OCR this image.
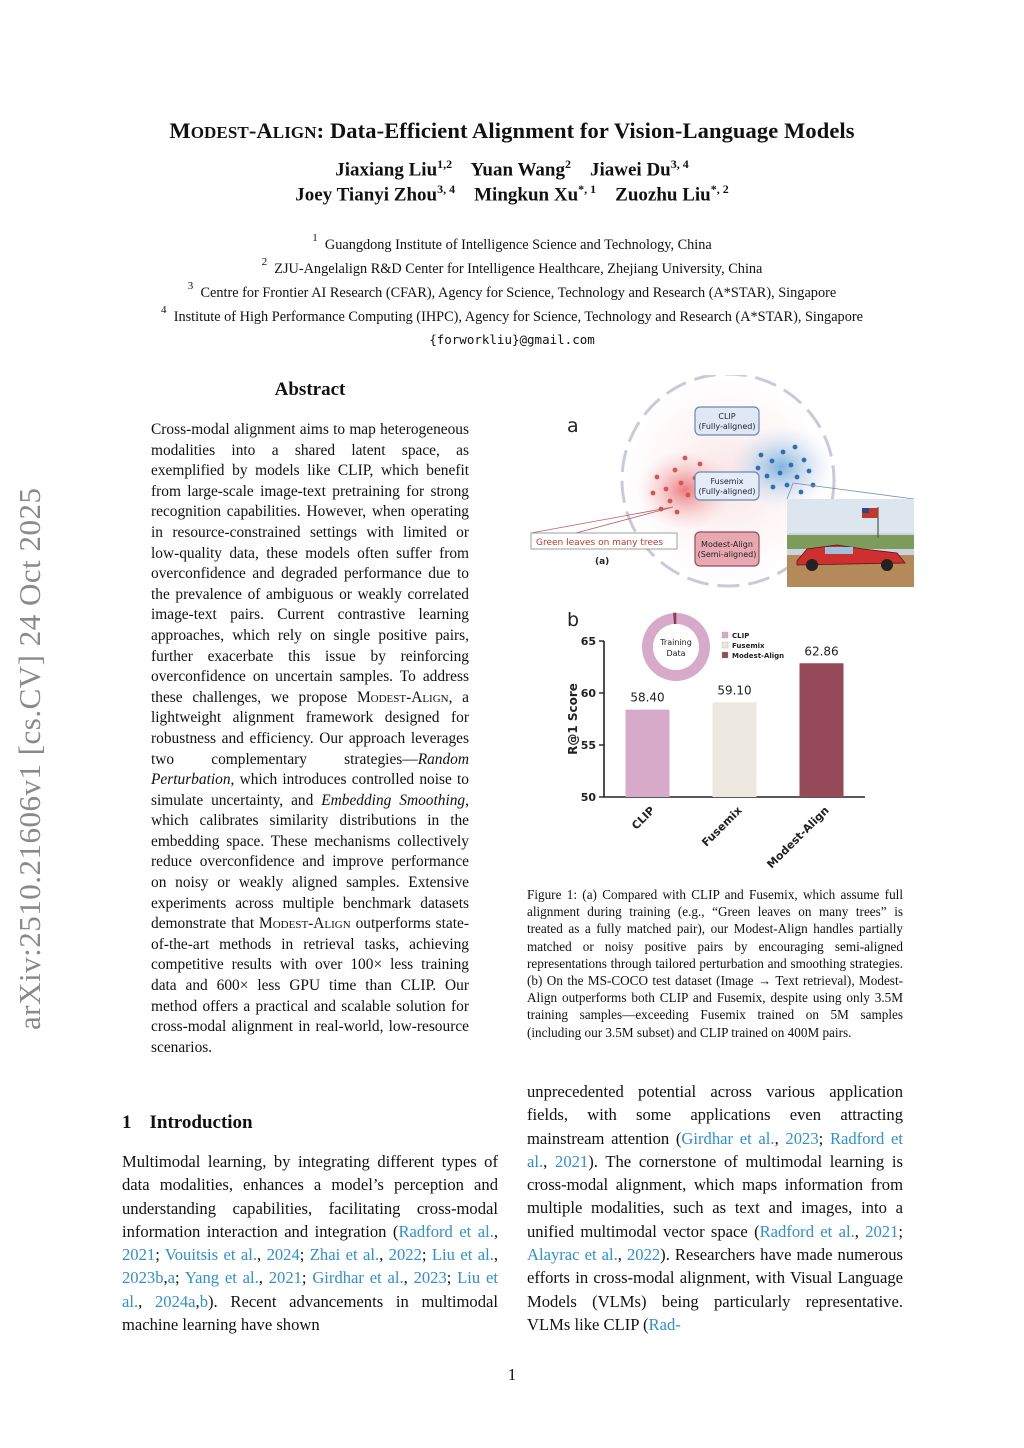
arXiv:2510.21606v1 [cs.CV] 24 Oct 2025
MODEST-ALIGN: Data-Efficient Alignment for Vision-Language Models
Jiaxiang Liu$^{1,2}$ Yuan Wang$^2$ Jiawei Du$^{3, 4}$
Joey Tianyi Zhou$^{3, 4}$ Mingkun $Xu^{*, 1}$ Zuozhu Liu$^{*, 2}$
$^1$ Guangdong Institute of Intelligence Science and Technology, China
$^2$ ZJU-Angelalign R&D Center for Intelligence Healthcare, Zhejiang University, China
$^3$ Centre for Frontier AI Research (CFAR), Agency for Science, Technology and Research (A*STAR), Singapore
$^4$ Institute of High Performance Computing (IHPC), Agency for Science, Technology and Research (A*STAR), Singapore
{forworkliu}@gmail.com
Abstract

Cross-modal alignment aims to map heterogeneous modalities into a shared latent space, as exemplified by models like CLIP, which benefit from large-scale image-text pretraining for strong recognition capabilities. However, when operating in resource-constrained settings with limited or low-quality data, these models often suffer from overconfidence and degraded performance due to the prevalence of ambiguous or weakly correlated image-text pairs. Current contrastive learning approaches, which rely on single positive pairs, further exacerbate this issue by reinforcing overconfidence on uncertain samples. To address these challenges, we propose Modest-Align, a lightweight alignment framework designed for robustness and efficiency. Our approach leverages two complementary strategies—Random Perturbation, which introduces controlled noise to simulate uncertainty, and Embedding Smoothing, which calibrates similarity distributions in the embedding space. These mechanisms collectively reduce overconfidence and improve performance on noisy or weakly aligned samples. Extensive experiments across multiple benchmark datasets demonstrate that Modest-Align outperforms state-of-the-art methods in retrieval tasks, achieving competitive results with over 100× less training data and 600× less GPU time than CLIP. Our method offers a practical and scalable solution for cross-modal alignment in real-world, low-resource scenarios.

1 Introduction

Multimodal learning, by integrating different types of data modalities, enhances a model’s perception and understanding capabilities, facilitating cross-modal information interaction and integration (Radford et al., 2021; Vouitsis et al., 2024; Zhai et al., 2022; Liu et al., 2023b,a; Yang et al., 2021; Girdhar et al., 2023; Liu et al., 2024a,b). Recent advancements in multimodal machine learning have shown

unprecedented potential across various application fields, with some applications even attracting mainstream attention (Girdhar et al., 2023; Radford et al., 2021). The cornerstone of multimodal learning is cross-modal alignment, which maps information from multiple modalities, such as text and images, into a unified multimodal vector space (Radford et al., 2021; Alayrac et al., 2022). Researchers have made numerous efforts in cross-modal alignment, with Visual Language Models (VLMs) being particularly representative. VLMs like CLIP (Rad-

Figure 1: (a) Compared with CLIP and Fusemix, which assume full alignment during training (e.g., “Green leaves on many trees” is treated as a fully matched pair), our Modest-Align handles partially matched or noisy positive pairs by encouraging semi-aligned representations through tailored perturbation and smoothing strategies. (b) On the MS-COCO test dataset (Image → Text retrieval), Modest-Align outperforms both CLIP and Fusemix, despite using only 3.5M training samples—exceeding Fusemix trained on 5M samples (including our 3.5M subset) and CLIP trained on 400M pairs.

a	CLIP
(Fully-aligned)
Fusemix
(Fully-aligned)
Modest-Align
(Semi-aligned)
Green leaves on many trees
(a)
b
50
55
60
65
R@1 Score	58.40
CLIP
59.10
Fusemix
62.86
Modest-Align
Training
Data
CLIP
Fusemix
Modest-Align
1
